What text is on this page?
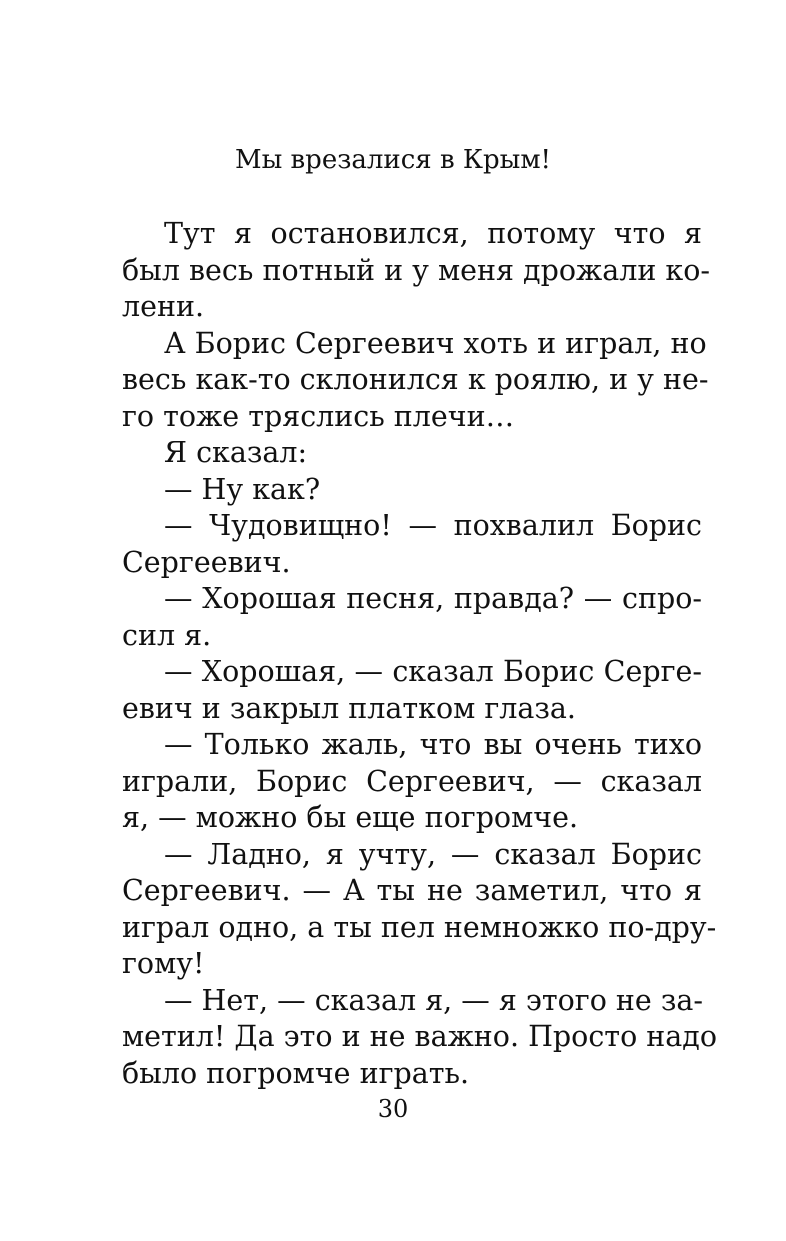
Мы врезалися в Крым!
Тут я остановился, потому что я
был весь потный и у меня дрожали ко-
лени.
А Борис Сергеевич хоть и играл, но
весь как-то склонился к роялю, и у не-
го тоже тряслись плечи…
Я сказал:
— Ну как?
— Чудовищно! — похвалил Борис
Сергеевич.
— Хорошая песня, правда? — спро-
сил я.
— Хорошая, — сказал Борис Серге-
евич и закрыл платком глаза.
— Только жаль, что вы очень тихо
играли, Борис Сергеевич, — сказал
я, — можно бы еще погромче.
— Ладно, я учту, — сказал Борис
Сергеевич. — А ты не заметил, что я
играл одно, а ты пел немножко по-дру-
гому!
— Нет, — сказал я, — я этого не за-
метил! Да это и не важно. Просто надо
было погромче играть.
30
